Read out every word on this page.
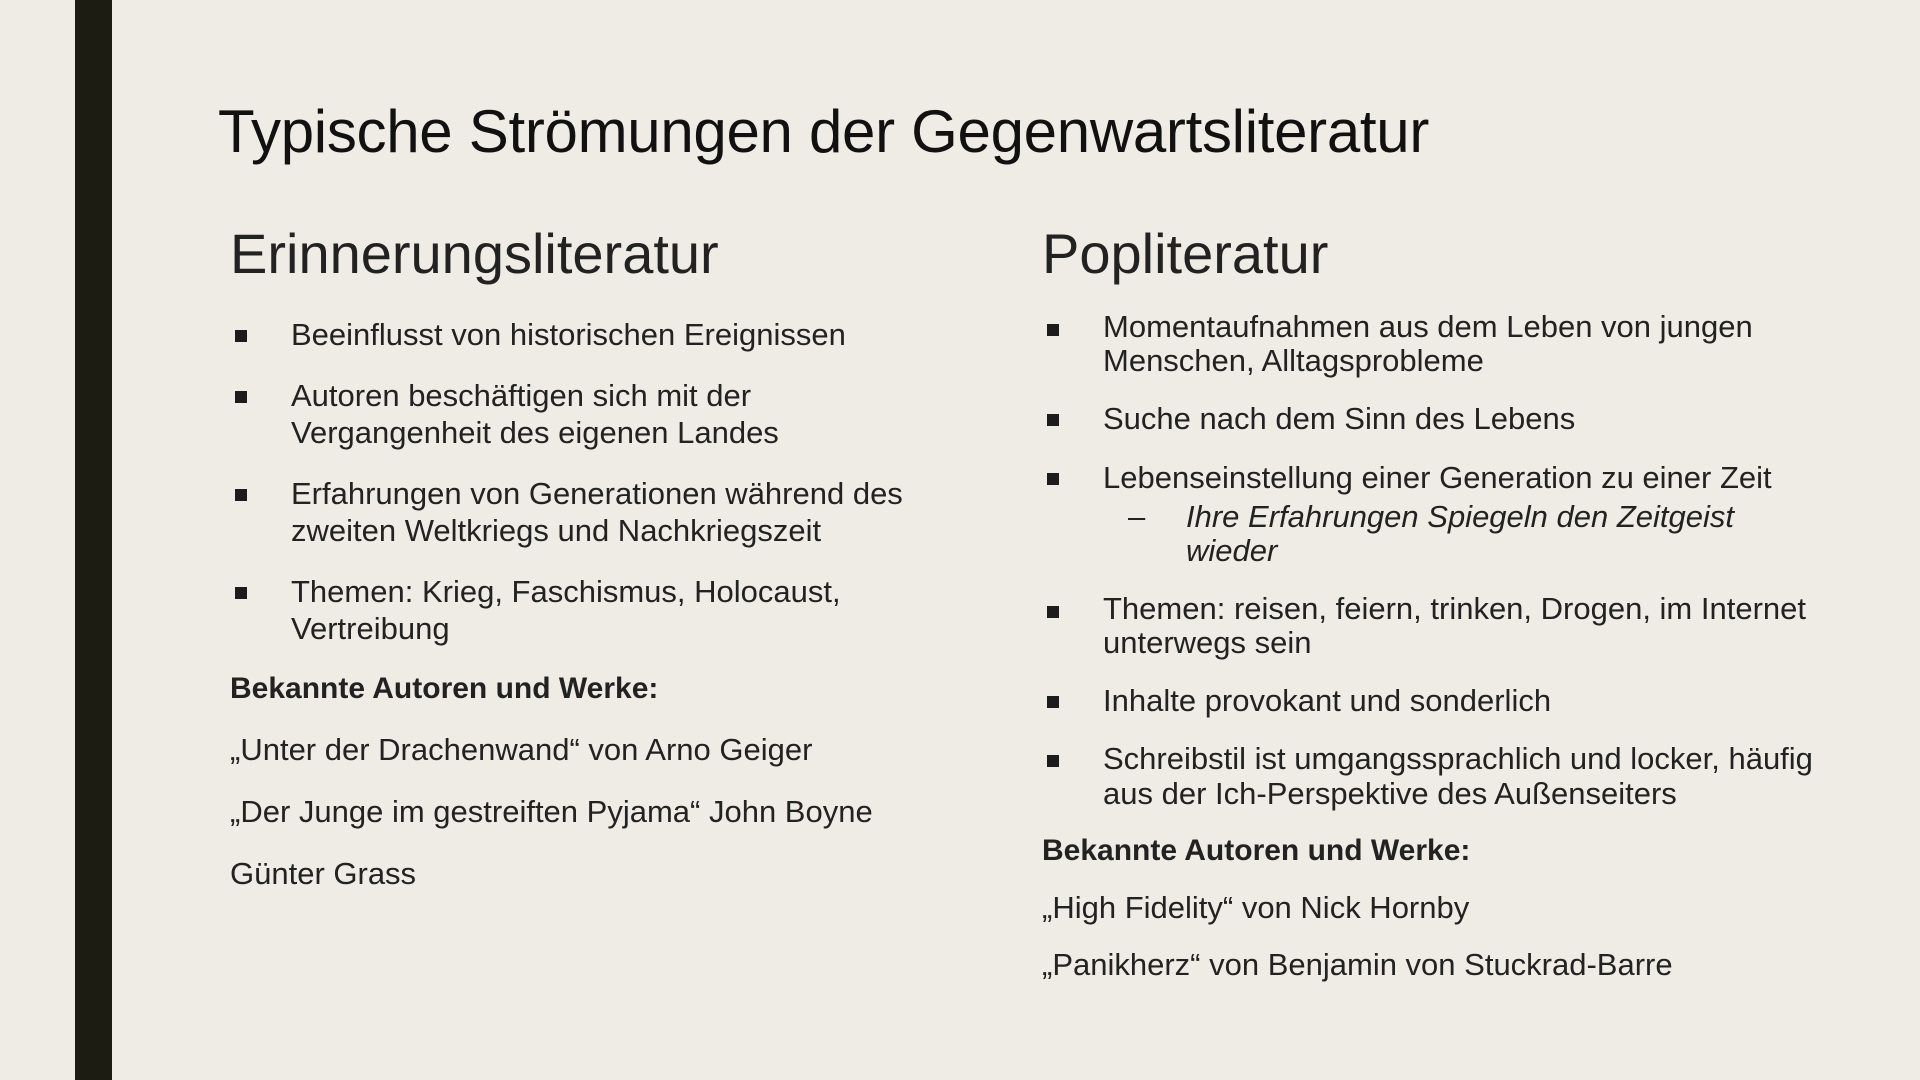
Typische Strömungen der Gegenwartsliteratur
Erinnerungsliteratur
Beeinflusst von historischen Ereignissen
Autoren beschäftigen sich mit der Vergangenheit des eigenen Landes
Erfahrungen von Generationen während des zweiten Weltkriegs und Nachkriegszeit
Themen: Krieg, Faschismus, Holocaust, Vertreibung
Bekannte Autoren und Werke:
„Unter der Drachenwand“ von Arno Geiger
„Der Junge im gestreiften Pyjama“ John Boyne
Günter Grass
Popliteratur
Momentaufnahmen aus dem Leben von jungen Menschen, Alltagsprobleme
Suche nach dem Sinn des Lebens
Lebenseinstellung einer Generation zu einer Zeit
– Ihre Erfahrungen Spiegeln den Zeitgeist wieder
Themen: reisen, feiern, trinken, Drogen, im Internet unterwegs sein
Inhalte provokant und sonderlich
Schreibstil ist umgangssprachlich und locker, häufig aus der Ich-Perspektive des Außenseiters
Bekannte Autoren und Werke:
„High Fidelity“ von Nick Hornby
„Panikherz“ von Benjamin von Stuckrad-Barre
